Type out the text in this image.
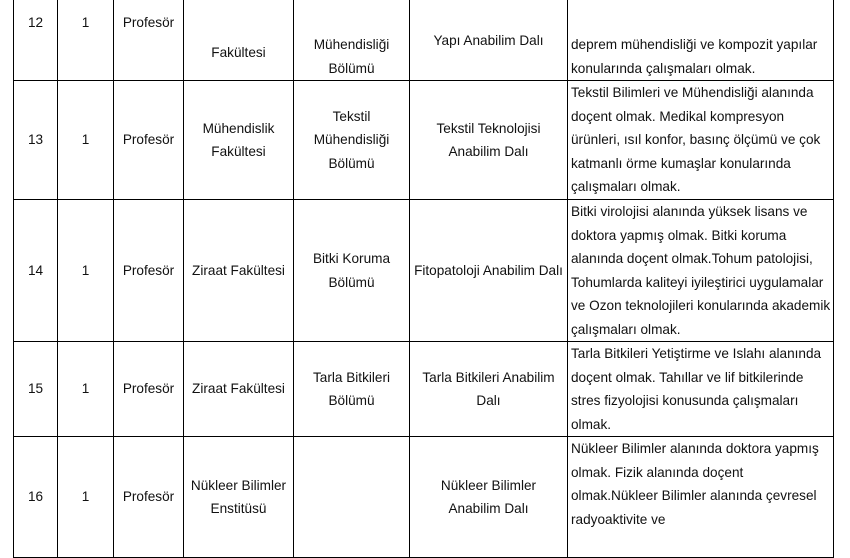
12	1	Profesör	Fakültesi	Mühendisliği Bölümü	Yapı Anabilim Dalı	deprem mühendisliği ve kompozit yapılar konularında çalışmaları olmak.
13	1	Profesör	Mühendislik Fakültesi	Tekstil Mühendisliği Bölümü	Tekstil Teknolojisi Anabilim Dalı	Tekstil Bilimleri ve Mühendisliği alanında doçent olmak. Medikal kompresyon ürünleri, ısıl konfor, basınç ölçümü ve çok katmanlı örme kumaşlar konularında çalışmaları olmak.
14	1	Profesör	Ziraat Fakültesi	Bitki Koruma Bölümü	Fitopatoloji Anabilim Dalı	Bitki virolojisi alanında yüksek lisans ve doktora yapmış olmak. Bitki koruma alanında doçent olmak.Tohum patolojisi, Tohumlarda kaliteyi iyileştirici uygulamalar ve Ozon teknolojileri konularında akademik çalışmaları olmak.
15	1	Profesör	Ziraat Fakültesi	Tarla Bitkileri Bölümü	Tarla Bitkileri Anabilim Dalı	Tarla Bitkileri Yetiştirme ve Islahı alanında doçent olmak. Tahıllar ve lif bitkilerinde stres fizyolojisi konusunda çalışmaları olmak.
16	1	Profesör	Nükleer Bilimler Enstitüsü		Nükleer Bilimler Anabilim Dalı	Nükleer Bilimler alanında doktora yapmış olmak. Fizik alanında doçent olmak.Nükleer Bilimler alanında çevresel radyoaktivite ve
